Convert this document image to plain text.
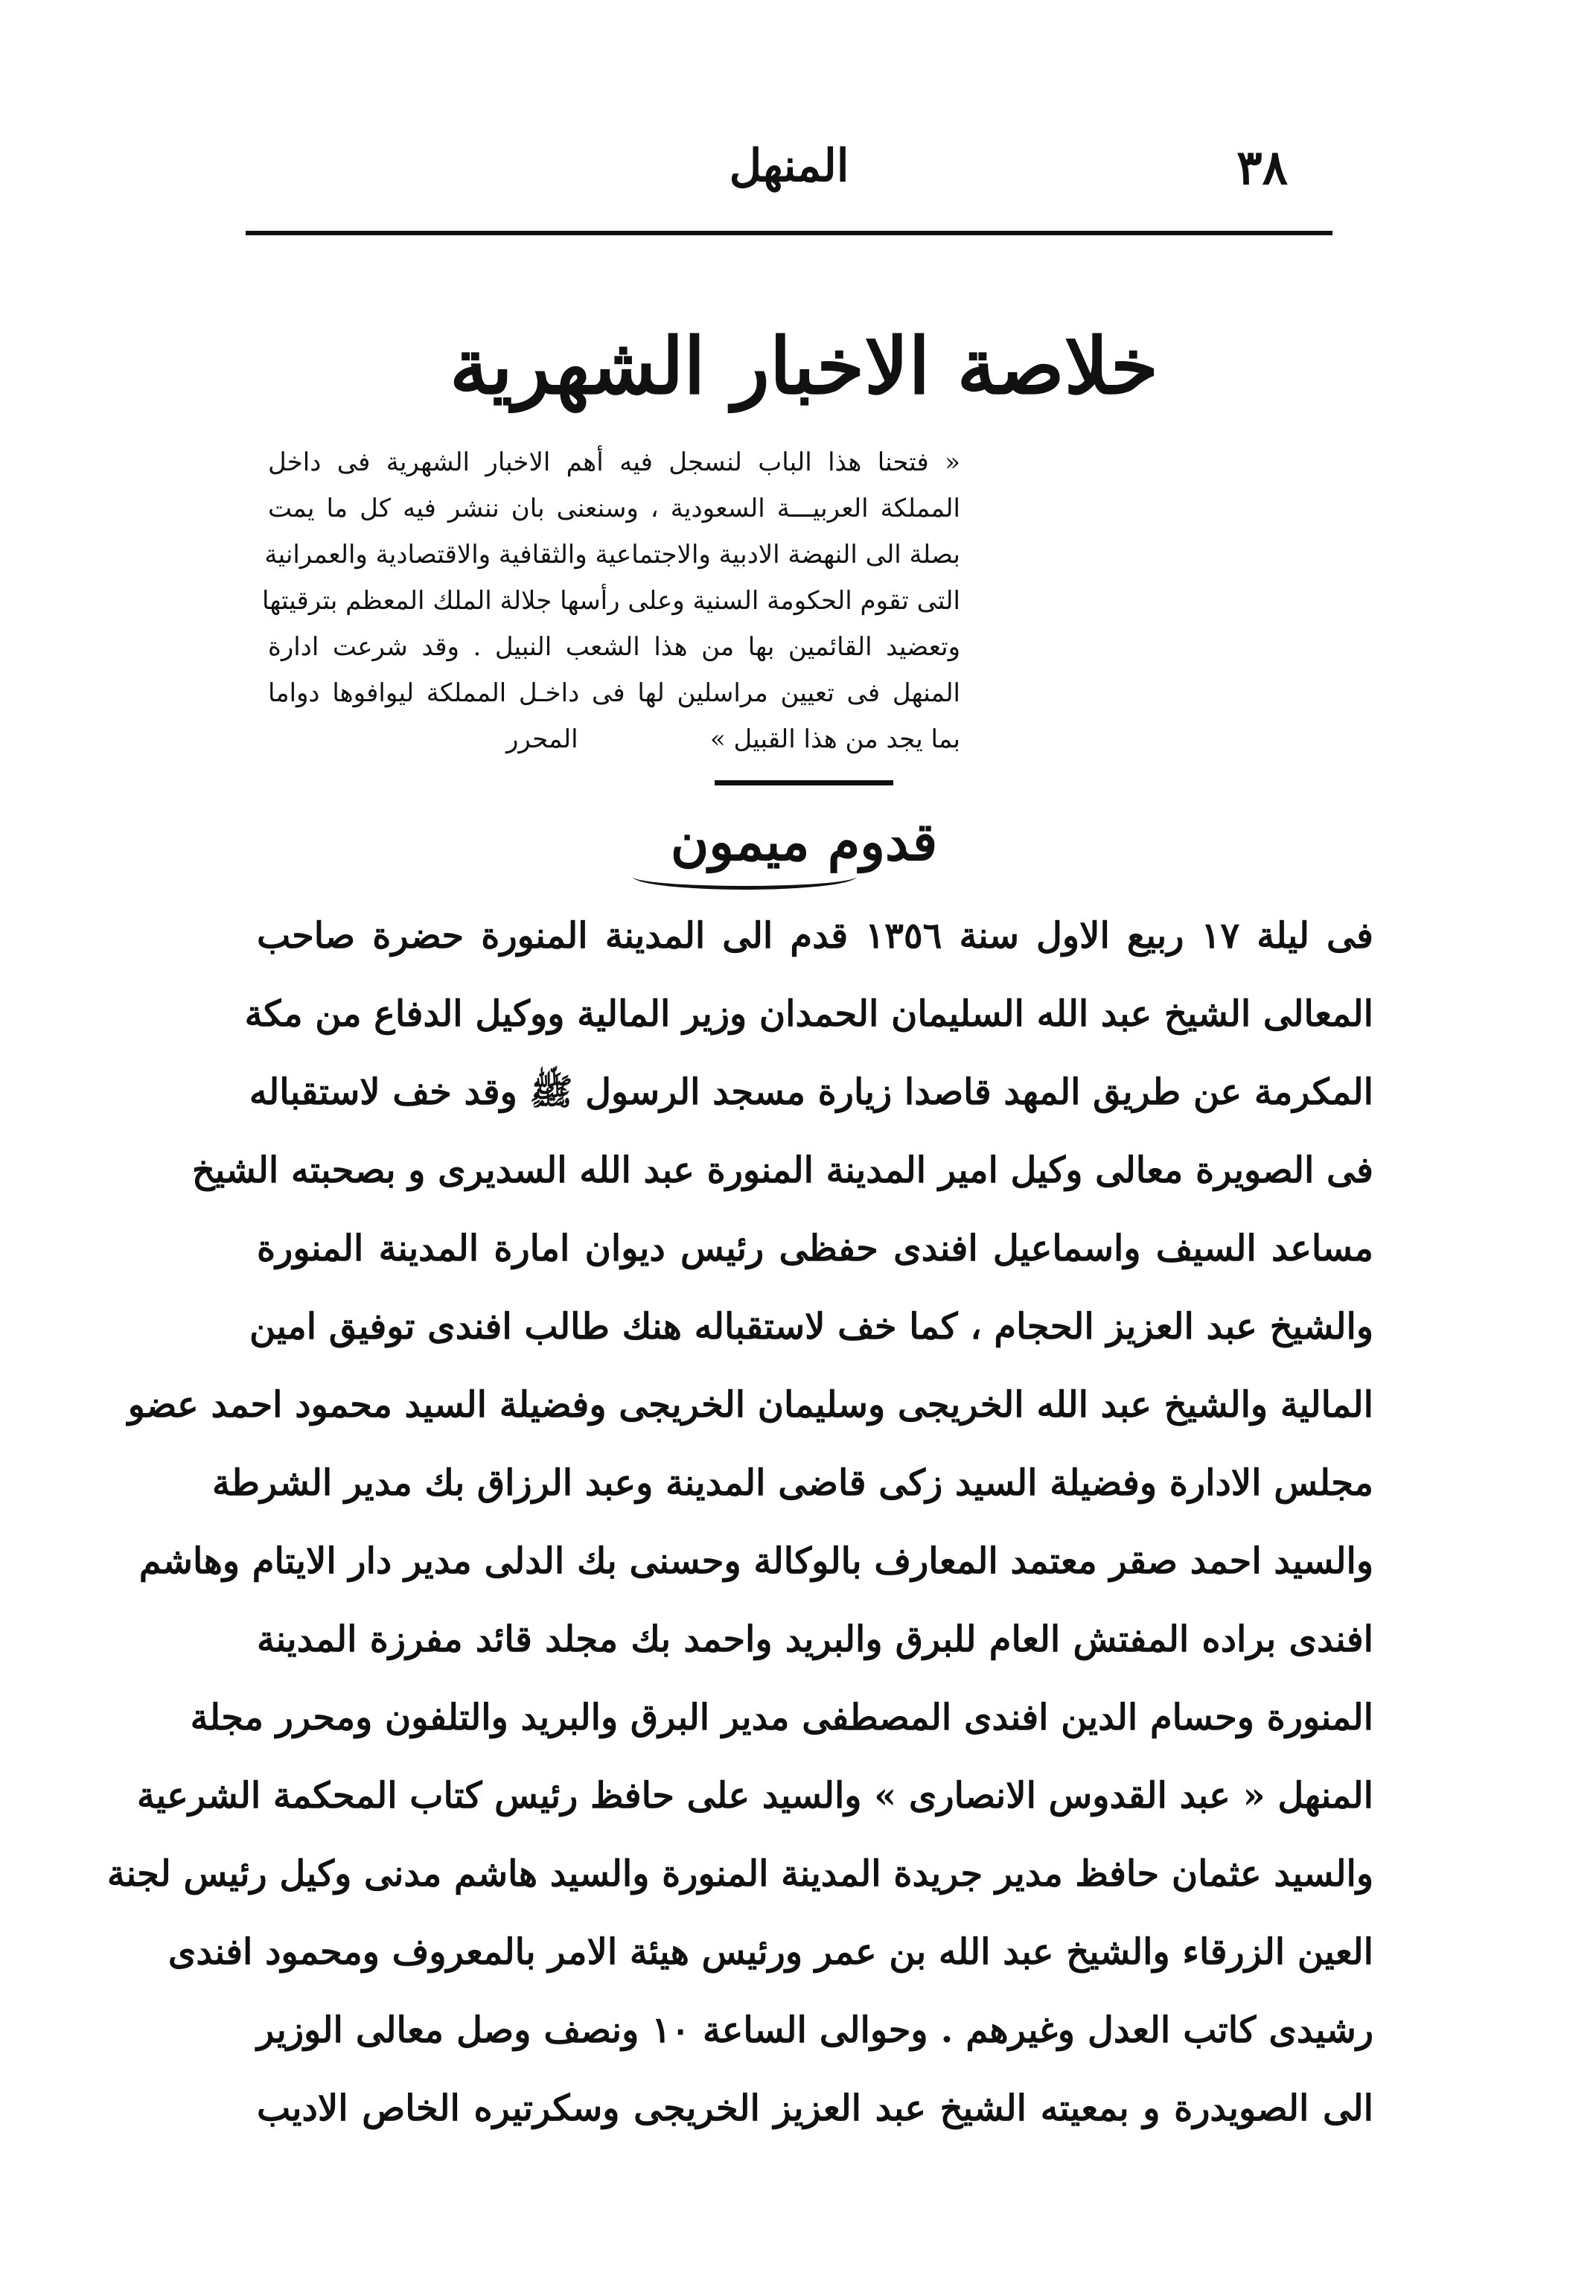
٣٨
المنهل
خلاصة الاخبار الشهرية
« فتحنا هذا الباب لنسجل فيه أهم الاخبار الشهرية فى داخل
المملكة العربيـــة السعودية ، وسنعنى بان ننشر فيه كل ما يمت
بصلة الى النهضة الادبية والاجتماعية والثقافية والاقتصادية والعمرانية
التى تقوم الحكومة السنية وعلى رأسها جلالة الملك المعظم بترقيتها
وتعضيد القائمين بها من هذا الشعب النبيل . وقد شرعت ادارة
المنهل فى تعيين مراسلين لها فى داخـل المملكة ليوافوها دواما
بما يجد من هذا القبيل »
المحرر
قدوم ميمون
فى ليلة ١٧ ربيع الاول سنة ١٣٥٦ قدم الى المدينة المنورة حضرة صاحب
المعالى الشيخ عبد الله السليمان الحمدان وزير المالية ووكيل الدفاع من مكة
المكرمة عن طريق المهد قاصدا زيارة مسجد الرسول ﷺ وقد خف لاستقباله
فى الصويرة معالى وكيل امير المدينة المنورة عبد الله السديرى و بصحبته الشيخ
مساعد السيف واسماعيل افندى حفظى رئيس ديوان امارة المدينة المنورة
والشيخ عبد العزيز الحجام ، كما خف لاستقباله هنك طالب افندى توفيق امين
المالية والشيخ عبد الله الخريجى وسليمان الخريجى وفضيلة السيد محمود احمد عضو
مجلس الادارة وفضيلة السيد زكى قاضى المدينة وعبد الرزاق بك مدير الشرطة
والسيد احمد صقر معتمد المعارف بالوكالة وحسنى بك الدلى مدير دار الايتام وهاشم
افندى براده المفتش العام للبرق والبريد واحمد بك مجلد قائد مفرزة المدينة
المنورة وحسام الدين افندى المصطفى مدير البرق والبريد والتلفون ومحرر مجلة
المنهل « عبد القدوس الانصارى » والسيد على حافظ رئيس كتاب المحكمة الشرعية
والسيد عثمان حافظ مدير جريدة المدينة المنورة والسيد هاشم مدنى وكيل رئيس لجنة
العين الزرقاء والشيخ عبد الله بن عمر ورئيس هيئة الامر بالمعروف ومحمود افندى
رشيدى كاتب العدل وغيرهم . وحوالى الساعة ١٠ ونصف وصل معالى الوزير
الى الصويدرة و بمعيته الشيخ عبد العزيز الخريجى وسكرتيره الخاص الاديب
